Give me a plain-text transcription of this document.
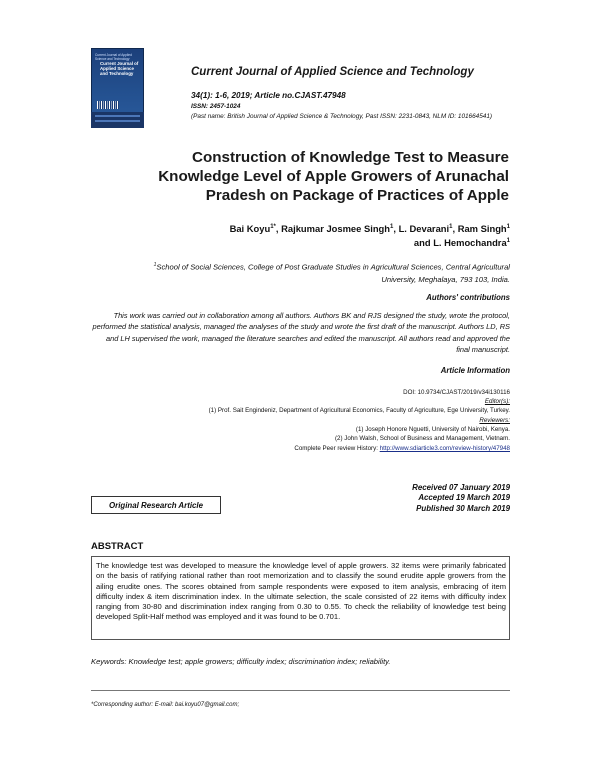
Current Journal of Applied Science and Technology
Current Journal of Applied Science and Technology	Current Journal of Applied Science and Technology
34(1): 1-6, 2019; Article no.CJAST.47948
ISSN: 2457-1024
(Past name: British Journal of Applied Science & Technology, Past ISSN: 2231-0843, NLM ID: 101664541)
Construction of Knowledge Test to Measure Knowledge Level of Apple Growers of Arunachal Pradesh on Package of Practices of Apple
Bai Koyu$^{1*}$, Rajkumar Josmee Singh$^1$, L. Devarani$^1$, Ram Singh$^1$
and L. Hemochandra$^1$
$^1$School of Social Sciences, College of Post Graduate Studies in Agricultural Sciences, Central Agricultural University, Meghalaya, 793 103, India.
Authors' contributions
This work was carried out in collaboration among all authors. Authors BK and RJS designed the study, wrote the protocol, performed the statistical analysis, managed the analyses of the study and wrote the first draft of the manuscript. Authors LD, RS and LH supervised the work, managed the literature searches and edited the manuscript. All authors read and approved the final manuscript.
Article Information
DOI: 10.9734/CJAST/2019/v34i130116
Editor(s):
(1) Prof. Sait Engindeniz, Department of Agricultural Economics, Faculty of Agriculture, Ege University, Turkey.
Reviewers:
(1) Joseph Honore Nguetti, University of Nairobi, Kenya.
(2) John Walsh, School of Business and Management, Vietnam.
Complete Peer review History: http://www.sdiarticle3.com/review-history/47948
Original Research Article
Received 07 January 2019
Accepted 19 March 2019
Published 30 March 2019
ABSTRACT
The knowledge test was developed to measure the knowledge level of apple growers. 32 items were primarily fabricated on the basis of ratifying rational rather than root memorization and to classify the sound erudite apple growers from the ailing erudite ones. The scores obtained from sample respondents were exposed to item analysis, embracing of item difficulty index & item discrimination index. In the ultimate selection, the scale consisted of 22 items with difficulty index ranging from 30-80 and discrimination index ranging from 0.30 to 0.55. To check the reliability of knowledge test being developed Split-Half method was employed and it was found to be 0.701.
Keywords: Knowledge test; apple growers; difficulty index; discrimination index; reliability.
*Corresponding author: E-mail: bai.koyu07@gmail.com;
